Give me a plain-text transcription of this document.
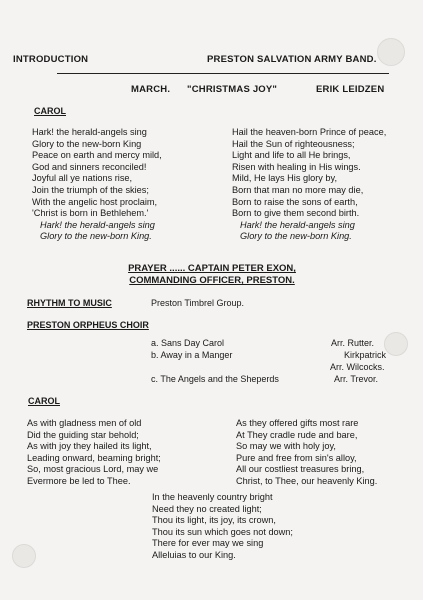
INTRODUCTION	PRESTON SALVATION ARMY BAND.
MARCH. "CHRISTMAS JOY"	ERIK LEIDZEN
CAROL
Hark! the herald-angels sing
Glory to the new-born King
Peace on earth and mercy mild,
God and sinners reconciled!
Joyful all ye nations rise,
Join the triumph of the skies;
With the angelic host proclaim,
'Christ is born in Bethlehem.'
Hark! the herald-angels sing
Glory to the new-born King.
Hail the heaven-born Prince of peace,
Hail the Sun of righteousness;
Light and life to all He brings,
Risen with healing in His wings.
Mild, He lays His glory by,
Born that man no more may die,
Born to raise the sons of earth,
Born to give them second birth.
Hark! the herald-angels sing
Glory to the new-born King.
PRAYER ...... CAPTAIN PETER EXON,
COMMANDING OFFICER, PRESTON.
RHYTHM TO MUSIC	Preston Timbrel Group.
PRESTON ORPHEUS CHOIR
a. Sans Day Carol	Arr. Rutter.
b. Away in a Manger	Kirkpatrick
Arr. Wilcocks.
c. The Angels and the Sheperds	Arr. Trevor.
CAROL
As with gladness men of old
Did the guiding star behold;
As with joy they hailed its light,
Leading onward, beaming bright;
So, most gracious Lord, may we
Evermore be led to Thee.
As they offered gifts most rare
At They cradle rude and bare,
So may we with holy joy,
Pure and free from sin's alloy,
All our costliest treasures bring,
Christ, to Thee, our heavenly King.
In the heavenly country bright
Need they no created light;
Thou its light, its joy, its crown,
Thou its sun which goes not down;
There for ever may we sing
Alleluias to our King.
